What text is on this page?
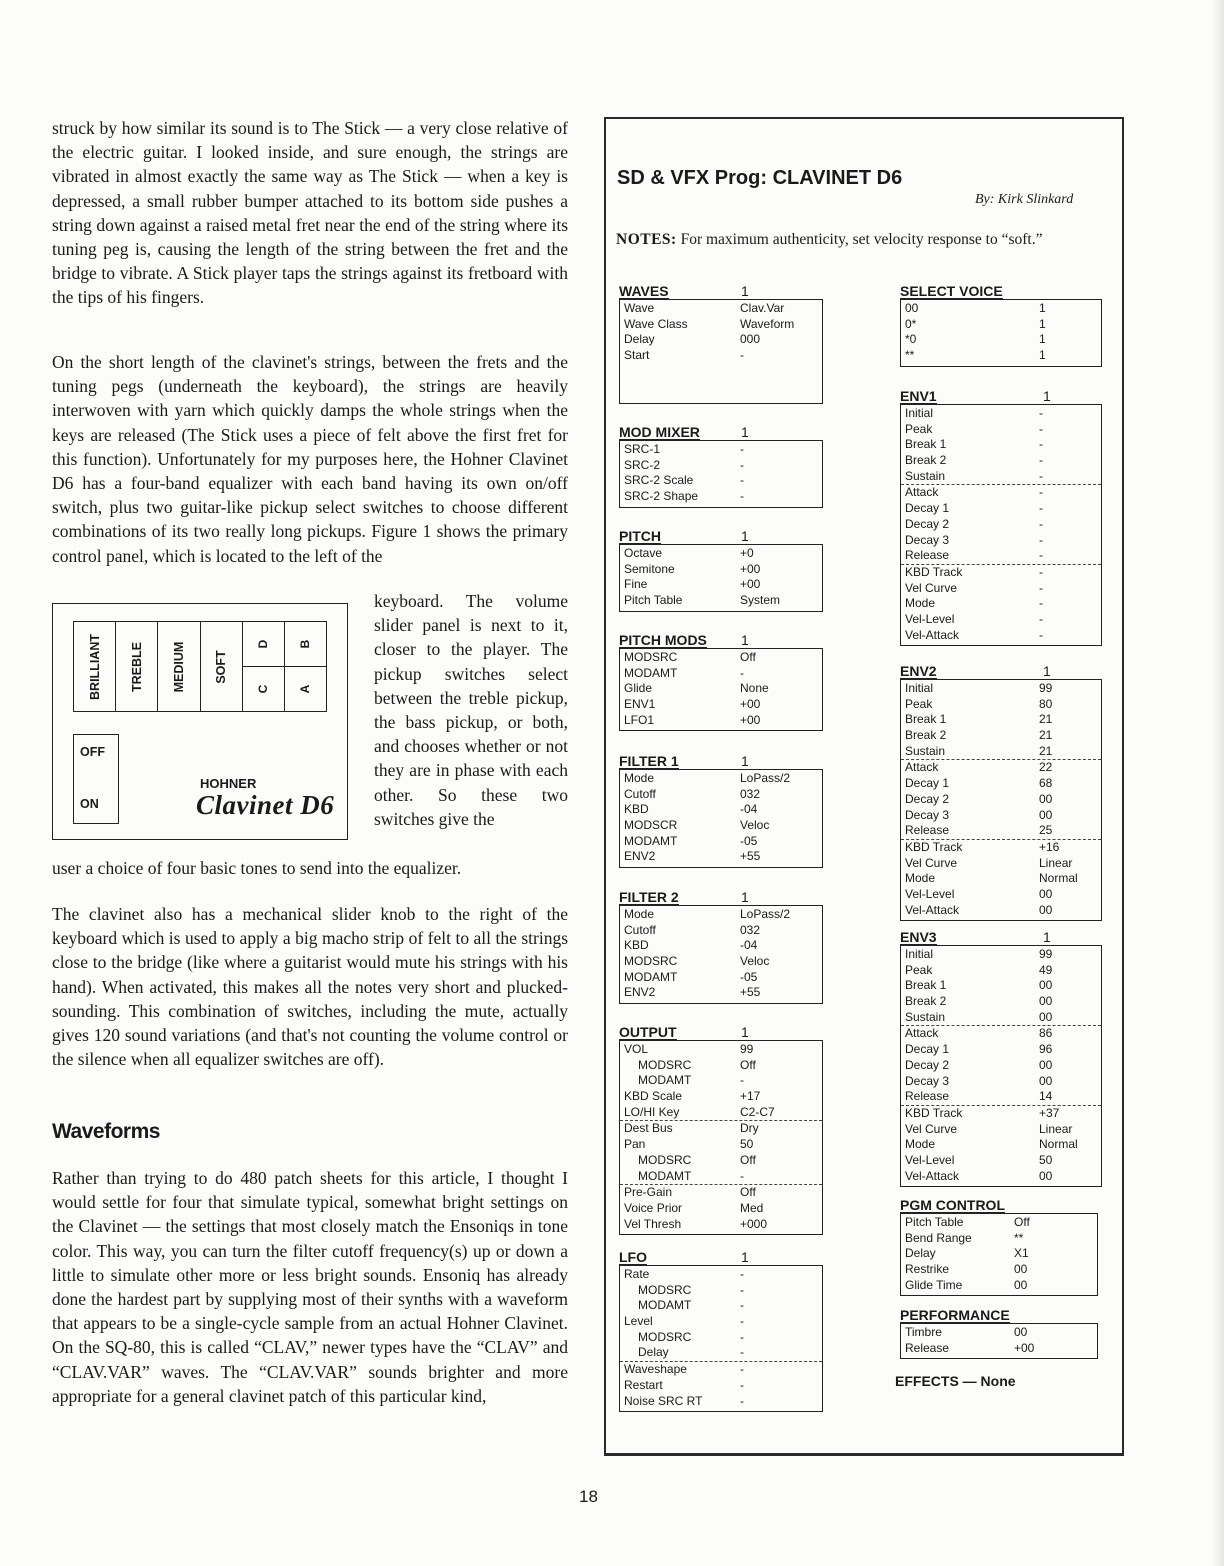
struck by how similar its sound is to The Stick — a very close relative of the electric guitar. I looked inside, and sure enough, the strings are vibrated in almost exactly the same way as The Stick — when a key is depressed, a small rubber bumper attached to its bottom side pushes a string down against a raised metal fret near the end of the string where its tuning peg is, causing the length of the string between the fret and the bridge to vibrate. A Stick player taps the strings against its fretboard with the tips of his fingers.

On the short length of the clavinet's strings, between the frets and the tuning pegs (underneath the keyboard), the strings are heavily interwoven with yarn which quickly damps the whole strings when the keys are released (The Stick uses a piece of felt above the first fret for this function). Unfortunately for my purposes here, the Hohner Clavinet D6 has a four-band equalizer with each band having its own on/off switch, plus two guitar-like pickup select switches to choose different combinations of its two really long pickups. Figure 1 shows the primary control panel, which is located to the left of the

BRILLIANT TREBLE MEDIUM SOFT
D
C
B
A
OFF
ON
HOHNER
Clavinet D6
keyboard. The volume slider panel is next to it, closer to the player. The pickup switches select between the treble pickup, the bass pickup, or both, and chooses whether or not they are in phase with each other. So these two switches give the
user a choice of four basic tones to send into the equalizer.

The clavinet also has a mechanical slider knob to the right of the keyboard which is used to apply a big macho strip of felt to all the strings close to the bridge (like where a guitarist would mute his strings with his hand). When activated, this makes all the notes very short and plucked-sounding. This combination of switches, including the mute, actually gives 120 sound variations (and that's not counting the volume control or the silence when all equalizer switches are off).

Waveforms

Rather than trying to do 480 patch sheets for this article, I thought I would settle for four that simulate typical, somewhat bright settings on the Clavinet — the settings that most closely match the Ensoniqs in tone color. This way, you can turn the filter cutoff frequency(s) up or down a little to simulate other more or less bright sounds. Ensoniq has already done the hardest part by supplying most of their synths with a waveform that appears to be a single-cycle sample from an actual Hohner Clavinet. On the SQ-80, this is called “CLAV,” newer types have the “CLAV” and “CLAV.VAR” waves. The “CLAV.VAR” sounds brighter and more appropriate for a general clavinet patch of this particular kind,

18
SD & VFX Prog: CLAVINET D6
By: Kirk Slinkard
NOTES: For maximum authenticity, set velocity response to “soft.”
WAVES	1
Wave	Clav.Var
Wave Class	Waveform
Delay	000
Start	-
MOD MIXER	1
SRC-1	-
SRC-2	-
SRC-2 Scale	-
SRC-2 Shape	-
PITCH	1
Octave	+0
Semitone	+00
Fine	+00
Pitch Table	System
PITCH MODS 1
MODSRC	Off
MODAMT	-
Glide	None
ENV1	+00
LFO1	+00
FILTER 1	1
Mode	LoPass/2
Cutoff	032
KBD	-04
MODSCR	Veloc
MODAMT	-05
ENV2	+55
FILTER 2	1
Mode	LoPass/2
Cutoff	032
KBD	-04
MODSRC	Veloc
MODAMT	-05
ENV2	+55
OUTPUT	1
VOL	99
MODSRC	Off
MODAMT	-
KBD Scale	+17
LO/HI Key	C2-C7
Dest Bus	Dry
Pan	50
MODSRC	Off
MODAMT	-
Pre-Gain	Off
Voice Prior	Med
Vel Thresh	+000
LFO	1
Rate	-
MODSRC	-
MODAMT	-
Level	-
MODSRC	-
Delay	-
Waveshape	-
Restart	-
Noise SRC RT	-
SELECT VOICE
00	1
0*	1
*0	1
**	1
ENV1	1
Initial	-
Peak	-
Break 1	-
Break 2	-
Sustain	-
Attack	-
Decay 1	-
Decay 2	-
Decay 3	-
Release	-
KBD Track	-
Vel Curve	-
Mode	-
Vel-Level	-
Vel-Attack	-
ENV2	1
Initial	99
Peak	80
Break 1	21
Break 2	21
Sustain	21
Attack	22
Decay 1	68
Decay 2	00
Decay 3	00
Release	25
KBD Track	+16
Vel Curve	Linear
Mode	Normal
Vel-Level	00
Vel-Attack	00
ENV3	1
Initial	99
Peak	49
Break 1	00
Break 2	00
Sustain	00
Attack	86
Decay 1	96
Decay 2	00
Decay 3	00
Release	14
KBD Track	+37
Vel Curve	Linear
Mode	Normal
Vel-Level	50
Vel-Attack	00
PGM CONTROL
Pitch Table	Off
Bend Range	**
Delay	X1
Restrike	00
Glide Time	00
PERFORMANCE
Timbre	00
Release	+00
EFFECTS — None
